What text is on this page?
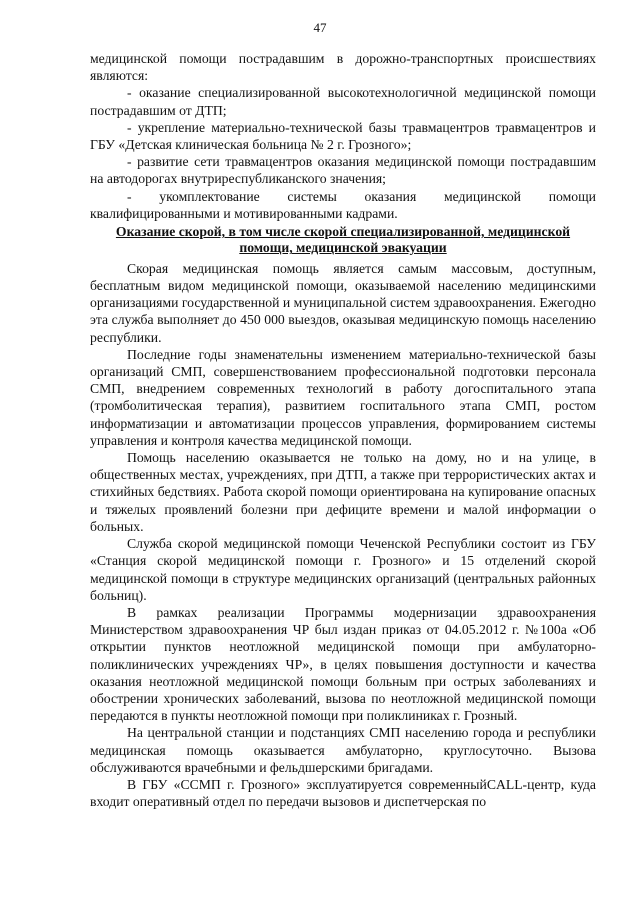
47

медицинской помощи пострадавшим в дорожно-транспортных происшествиях являются:

- оказание специализированной высокотехнологичной медицинской помощи пострадавшим от ДТП;

- укрепление материально-технической базы травмацентров травмацентров и ГБУ «Детская клиническая больница № 2 г. Грозного»;

- развитие сети травмацентров оказания медицинской помощи пострадавшим на автодорогах внутриреспубликанского значения;

- укомплектование системы оказания медицинской помощи квалифицированными и мотивированными кадрами.

Оказание скорой, в том числе скорой специализированной, медицинской помощи, медицинской эвакуации

Скорая медицинская помощь является самым массовым, доступным, бесплатным видом медицинской помощи, оказываемой населению медицинскими организациями государственной и муниципальной систем здравоохранения. Ежегодно эта служба выполняет до 450 000 выездов, оказывая медицинскую помощь населению республики.

Последние годы знаменательны изменением материально-технической базы организаций СМП, совершенствованием профессиональной подготовки персонала СМП, внедрением современных технологий в работу догоспитального этапа (тромболитическая терапия), развитием госпитального этапа СМП, ростом информатизации и автоматизации процессов управления, формированием системы управления и контроля качества медицинской помощи.

Помощь населению оказывается не только на дому, но и на улице, в общественных местах, учреждениях, при ДТП, а также при террористических актах и стихийных бедствиях. Работа скорой помощи ориентирована на купирование опасных и тяжелых проявлений болезни при дефиците времени и малой информации о больных.

Служба скорой медицинской помощи Чеченской Республики состоит из ГБУ «Станция скорой медицинской помощи г. Грозного» и 15 отделений скорой медицинской помощи в структуре медицинских организаций (центральных районных больниц).

В рамках реализации Программы модернизации здравоохранения Министерством здравоохранения ЧР был издан приказ от 04.05.2012 г. №100а «Об открытии пунктов неотложной медицинской помощи при амбулаторно-поликлинических учреждениях ЧР», в целях повышения доступности и качества оказания неотложной медицинской помощи больным при острых заболеваниях и обострении хронических заболеваний, вызова по неотложной медицинской помощи передаются в пункты неотложной помощи при поликлиниках г. Грозный.

На центральной станции и подстанциях СМП населению города и республики медицинская помощь оказывается амбулаторно, круглосуточно. Вызова обслуживаются врачебными и фельдшерскими бригадами.

В ГБУ «ССМП г. Грозного» эксплуатируется современныйCALL-центр, куда входит оперативный отдел по передачи вызовов и диспетчерская по
